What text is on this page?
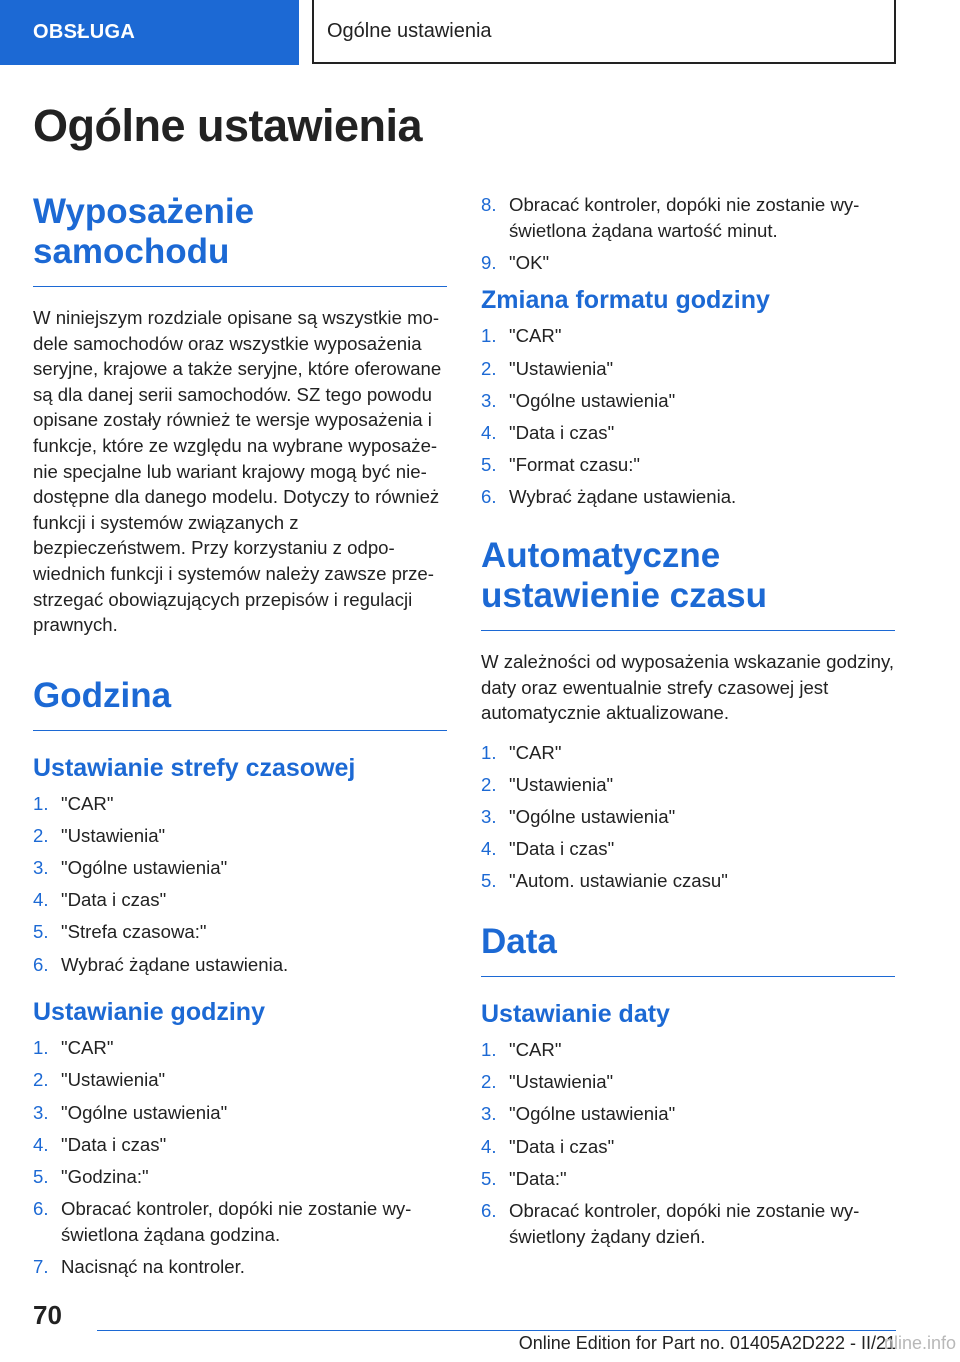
OBSŁUGA	Ogólne ustawienia
Ogólne ustawienia
Wyposażenie samochodu

W niniejszym rozdziale opisane są wszystkie modele samochodów oraz wszystkie wyposażenia seryjne, krajowe a także seryjne, które oferowane są dla danej serii samochodów. SZ tego powodu opisane zostały również te wersje wyposażenia i funkcje, które ze względu na wybrane wyposażenie specjalne lub wariant krajowy mogą być niedostępne dla danego modelu. Dotyczy to również funkcji i systemów związanych z bezpieczeństwem. Przy korzystaniu z odpowiednich funkcji i systemów należy zawsze przestrzegać obowiązujących przepisów i regulacji prawnych.

Godzina
Ustawianie strefy czasowej
1. "CAR"
2. "Ustawienia"
3. "Ogólne ustawienia"
4. "Data i czas"
5. "Strefa czasowa:"
6. Wybrać żądane ustawienia.
Ustawianie godziny
1. "CAR"
2. "Ustawienia"
3. "Ogólne ustawienia"
4. "Data i czas"
5. "Godzina:"
6. Obracać kontroler, dopóki nie zostanie wyświetlona żądana godzina.
7. Nacisnąć na kontroler.
8. Obracać kontroler, dopóki nie zostanie wyświetlona żądana wartość minut.
9. "OK"
Zmiana formatu godziny
1. "CAR"
2. "Ustawienia"
3. "Ogólne ustawienia"
4. "Data i czas"
5. "Format czasu:"
6. Wybrać żądane ustawienia.
Automatyczne ustawienie czasu

W zależności od wyposażenia wskazanie godziny, daty oraz ewentualnie strefy czasowej jest automatycznie aktualizowane.

1. "CAR"
2. "Ustawienia"
3. "Ogólne ustawienia"
4. "Data i czas"
5. "Autom. ustawianie czasu"
Data
Ustawianie daty
1. "CAR"
2. "Ustawienia"
3. "Ogólne ustawienia"
4. "Data i czas"
5. "Data:"
6. Obracać kontroler, dopóki nie zostanie wyświetlony żądany dzień.
70
Online Edition for Part no. 01405A2D222 - II/21
nline.info
